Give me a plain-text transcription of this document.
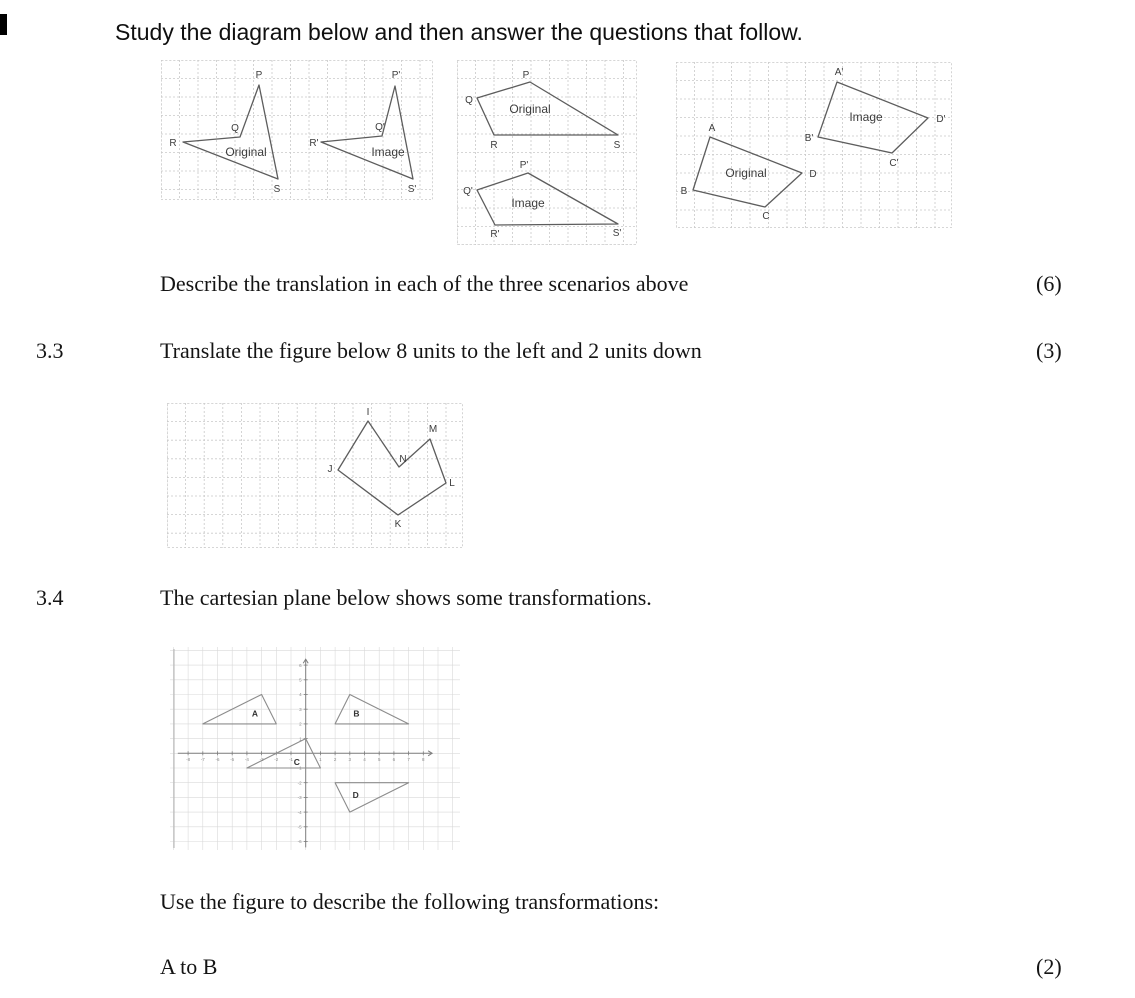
Study the diagram below and then answer the questions that follow.
P
Q
R
S
P'
Q'
R'
S'
Original	Image
P
Q
R	S
P'
Q'
R'	S'
Original
Image
A
B
C
D
A'
B'
C'
D'
Original
Image
Describe the translation in each of the three scenarios above	(6)
3.3	Translate the figure below 8 units to the left and 2 units down	(3)
I
M
N
J
L
K
3.4	The cartesian plane below shows some transformations.
-8 -7 -6 -5 -4 -3 -2 -1	1	2	3	4	5	6	7	8
-6
-5
-4
-3
-2
-1
1
2
3
4
5
6
A	B
C
D
Use the figure to describe the following transformations:
A to B	(2)
